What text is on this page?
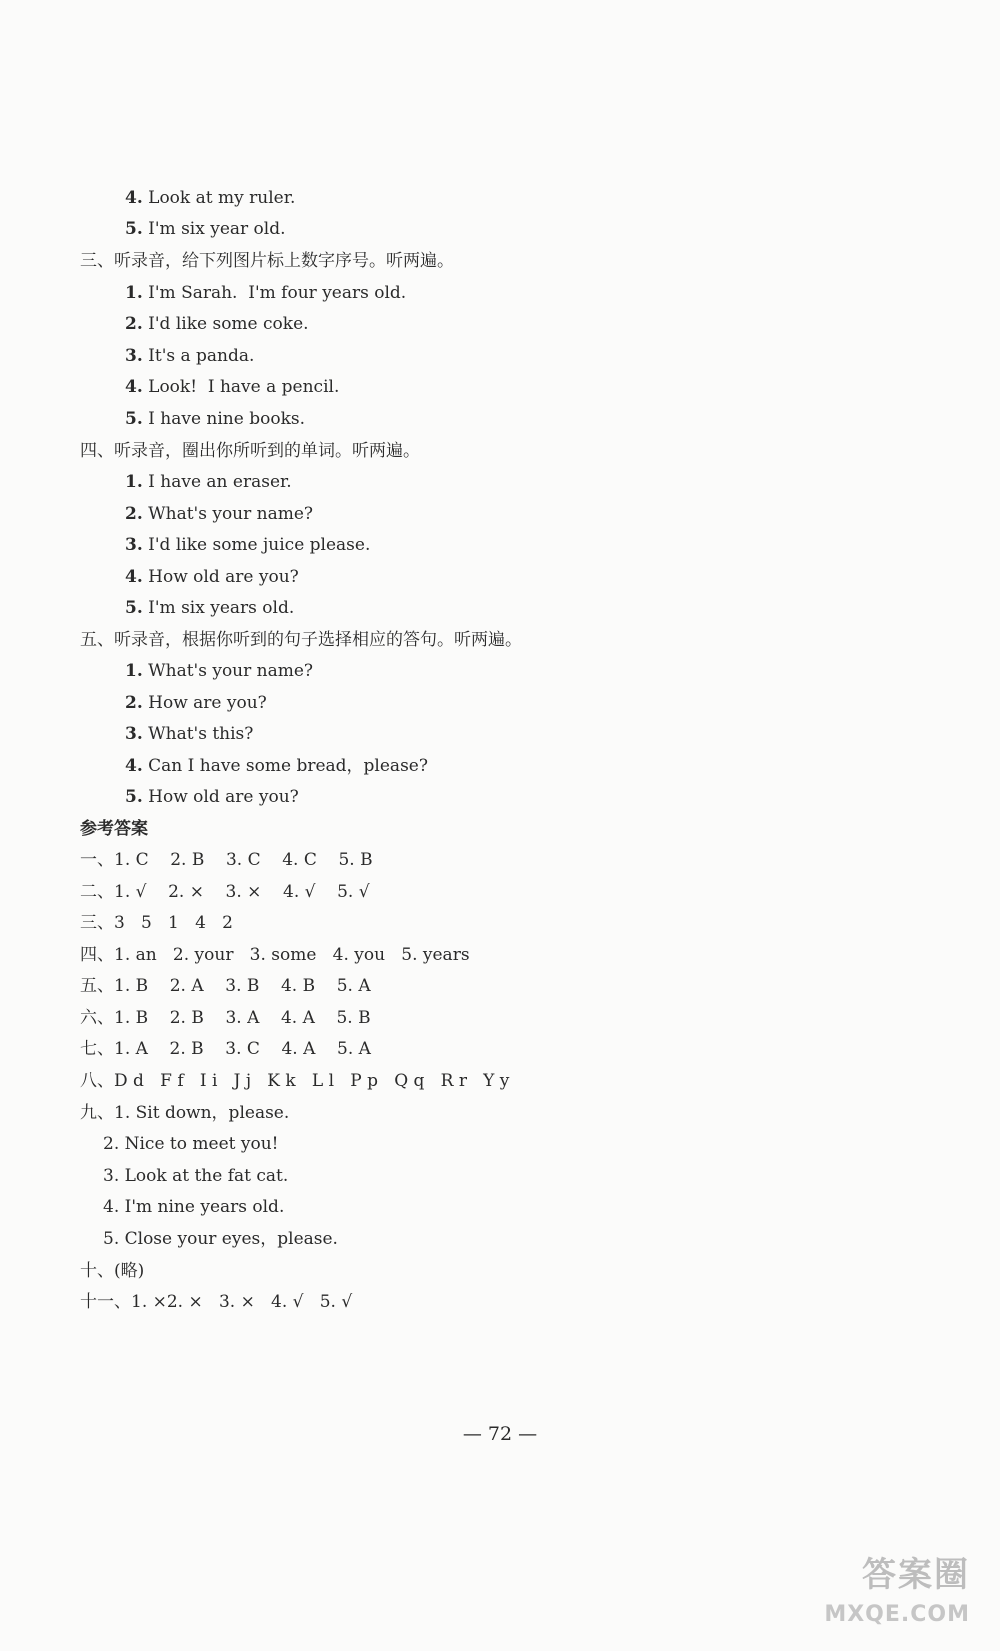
4. Look at my ruler.
5. I'm six year old.
三、听录音，给下列图片标上数字序号。听两遍。
1. I'm Sarah.  I'm four years old.
2. I'd like some coke.
3. It's a panda.
4. Look!  I have a pencil.
5. I have nine books.
四、听录音，圈出你所听到的单词。听两遍。
1. I have an eraser.
2. What's your name?
3. I'd like some juice please.
4. How old are you?
5. I'm six years old.
五、听录音，根据你听到的句子选择相应的答句。听两遍。
1. What's your name?
2. How are you?
3. What's this?
4. Can I have some bread，please?
5. How old are you?
参考答案
一、1. C    2. B    3. C    4. C    5. B
二、1. √    2. ×    3. ×    4. √    5. √
三、3   5   1   4   2
四、1. an   2. your   3. some   4. you   5. years
五、1. B    2. A    3. B    4. B    5. A
六、1. B    2. B    3. A    4. A    5. B
七、1. A    2. B    3. C    4. A    5. A
八、D d   F f   I i   J j   K k   L l   P p   Q q   R r   Y y
九、1. Sit down，please.
2. Nice to meet you!
3. Look at the fat cat.
4. I'm nine years old.
5. Close your eyes，please.
十、(略)
十一、1. ×2. ×   3. ×   4. √   5. √
— 72 —
答案圈
MXQE.COM
